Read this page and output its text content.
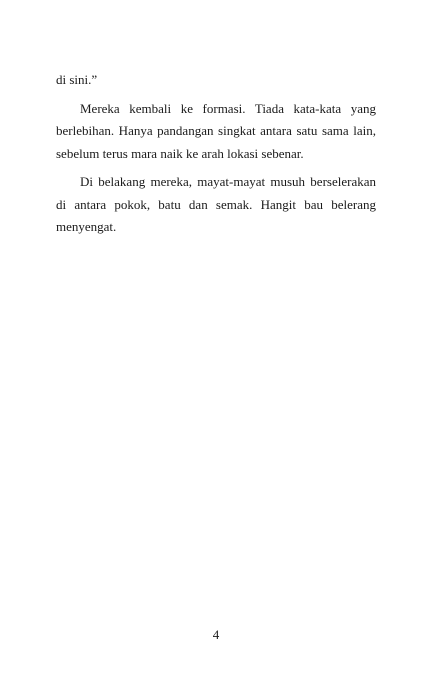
di sini.”

Mereka kembali ke formasi. Tiada kata-kata yang berlebihan. Hanya pandangan singkat antara satu sama lain, sebelum terus mara naik ke arah lokasi sebenar.

Di belakang mereka, mayat-mayat musuh berselerakan di antara pokok, batu dan semak. Hangit bau belerang menyengat.

4
